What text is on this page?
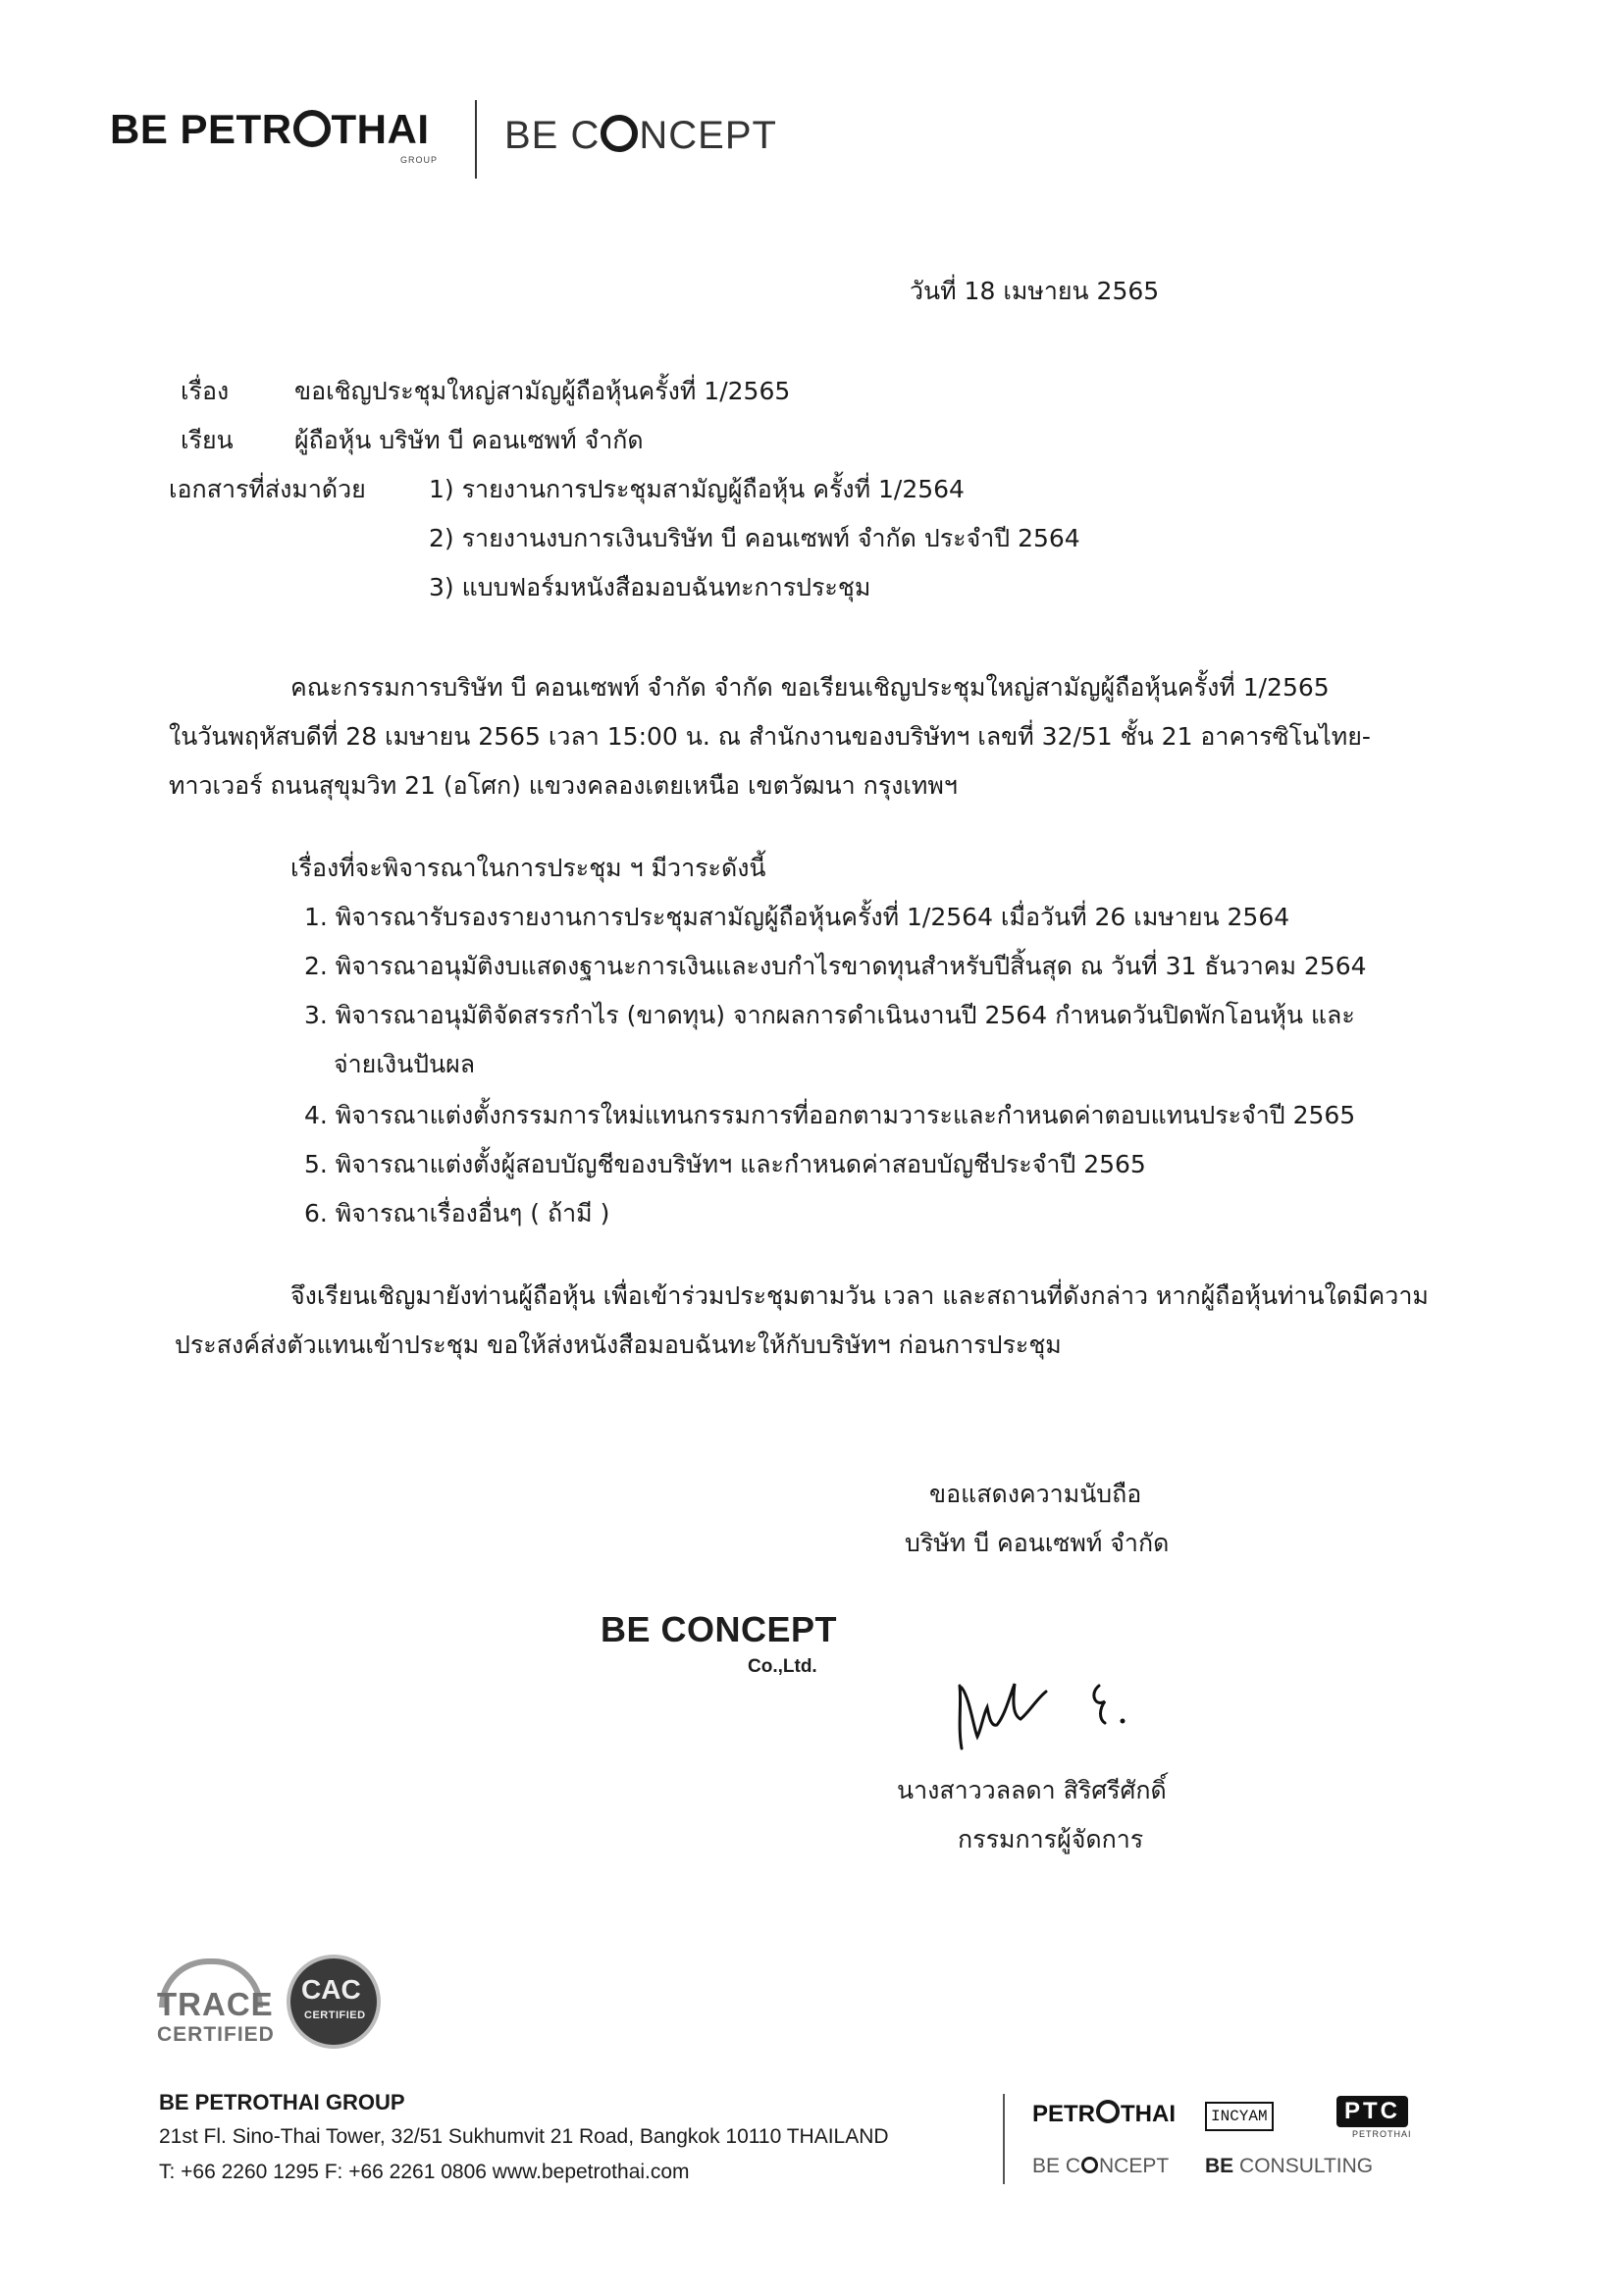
BE PETR THAI
GROUP
BE C NCEPT
วันที่ 18 เมษายน 2565
เรื่อง	ขอเชิญประชุมใหญ่สามัญผู้ถือหุ้นครั้งที่ 1/2565
เรียน ผู้ถือหุ้น บริษัท บี คอนเซพท์ จำกัด
เอกสารที่ส่งมาด้วย	1) รายงานการประชุมสามัญผู้ถือหุ้น ครั้งที่ 1/2564
2) รายงานงบการเงินบริษัท บี คอนเซพท์ จำกัด ประจำปี 2564
3) แบบฟอร์มหนังสือมอบฉันทะการประชุม
คณะกรรมการบริษัท บี คอนเซพท์ จำกัด จำกัด ขอเรียนเชิญประชุมใหญ่สามัญผู้ถือหุ้นครั้งที่ 1/2565
ในวันพฤหัสบดีที่ 28 เมษายน 2565 เวลา 15:00 น. ณ สำนักงานของบริษัทฯ เลขที่ 32/51 ชั้น 21 อาคารซิโนไทย-
ทาวเวอร์ ถนนสุขุมวิท 21 (อโศก) แขวงคลองเตยเหนือ เขตวัฒนา กรุงเทพฯ
เรื่องที่จะพิจารณาในการประชุม ฯ มีวาระดังนี้
1. พิจารณารับรองรายงานการประชุมสามัญผู้ถือหุ้นครั้งที่ 1/2564 เมื่อวันที่ 26 เมษายน 2564
2. พิจารณาอนุมัติงบแสดงฐานะการเงินและงบกำไรขาดทุนสำหรับปีสิ้นสุด ณ วันที่ 31 ธันวาคม 2564
3. พิจารณาอนุมัติจัดสรรกำไร (ขาดทุน) จากผลการดำเนินงานปี 2564 กำหนดวันปิดพักโอนหุ้น และ
จ่ายเงินปันผล
4. พิจารณาแต่งตั้งกรรมการใหม่แทนกรรมการที่ออกตามวาระและกำหนดค่าตอบแทนประจำปี 2565
5. พิจารณาแต่งตั้งผู้สอบบัญชีของบริษัทฯ และกำหนดค่าสอบบัญชีประจำปี 2565
6. พิจารณาเรื่องอื่นๆ ( ถ้ามี )
จึงเรียนเชิญมายังท่านผู้ถือหุ้น เพื่อเข้าร่วมประชุมตามวัน เวลา และสถานที่ดังกล่าว หากผู้ถือหุ้นท่านใดมีความ
ประสงค์ส่งตัวแทนเข้าประชุม ขอให้ส่งหนังสือมอบฉันทะให้กับบริษัทฯ ก่อนการประชุม
ขอแสดงความนับถือ
บริษัท บี คอนเซพท์ จำกัด
BE CONCEPT
Co.,Ltd.
นางสาววลลดา สิริศรีศักดิ์
กรรมการผู้จัดการ
TRACE
CERTIFIED
CAC
CERTIFIED
BE PETROTHAI GROUP
21st Fl. Sino-Thai Tower, 32/51 Sukhumvit 21 Road, Bangkok 10110 THAILAND
T: +66 2260 1295 F: +66 2261 0806 www.bepetrothai.com
PETR THAI	INCYAM	PTC
PETROTHAI
BE C NCEPT BE CONSULTING
